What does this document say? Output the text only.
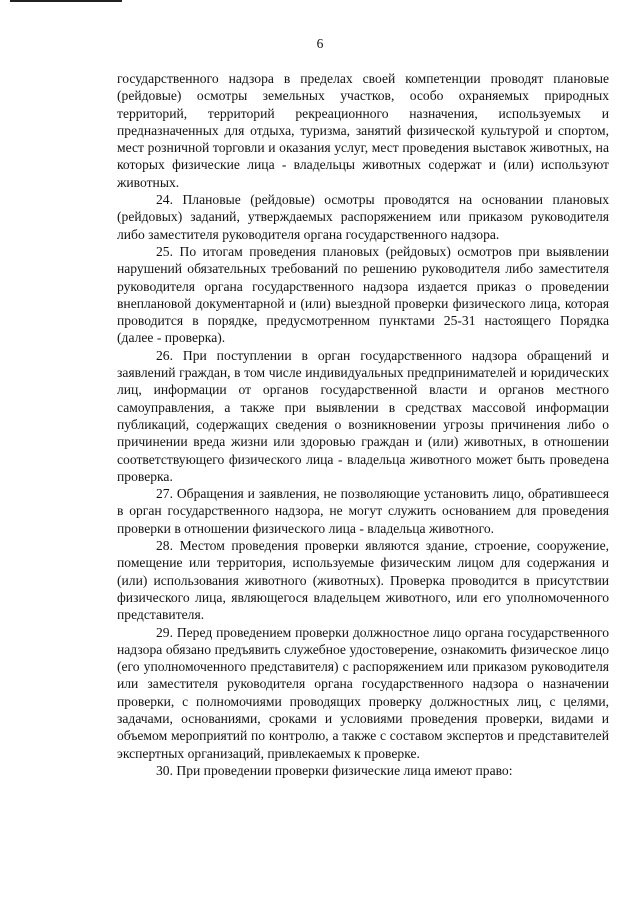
6

государственного надзора в пределах своей компетенции проводят плановые (рейдовые) осмотры земельных участков, особо охраняемых природных территорий, территорий рекреационного назначения, используемых и предназначенных для отдыха, туризма, занятий физической культурой и спортом, мест розничной торговли и оказания услуг, мест проведения выставок животных, на которых физические лица - владельцы животных содержат и (или) используют животных.

24. Плановые (рейдовые) осмотры проводятся на основании плановых (рейдовых) заданий, утверждаемых распоряжением или приказом руководителя либо заместителя руководителя органа государственного надзора.

25. По итогам проведения плановых (рейдовых) осмотров при выявлении нарушений обязательных требований по решению руководителя либо заместителя руководителя органа государственного надзора издается приказ о проведении внеплановой документарной и (или) выездной проверки физического лица, которая проводится в порядке, предусмотренном пунктами 25-31 настоящего Порядка (далее - проверка).

26. При поступлении в орган государственного надзора обращений и заявлений граждан, в том числе индивидуальных предпринимателей и юридических лиц, информации от органов государственной власти и органов местного самоуправления, а также при выявлении в средствах массовой информации публикаций, содержащих сведения о возникновении угрозы причинения либо о причинении вреда жизни или здоровью граждан и (или) животных, в отношении соответствующего физического лица - владельца животного может быть проведена проверка.

27. Обращения и заявления, не позволяющие установить лицо, обратившееся в орган государственного надзора, не могут служить основанием для проведения проверки в отношении физического лица - владельца животного.

28. Местом проведения проверки являются здание, строение, сооружение, помещение или территория, используемые физическим лицом для содержания и (или) использования животного (животных). Проверка проводится в присутствии физического лица, являющегося владельцем животного, или его уполномоченного представителя.

29. Перед проведением проверки должностное лицо органа государственного надзора обязано предъявить служебное удостоверение, ознакомить физическое лицо (его уполномоченного представителя) с распоряжением или приказом руководителя или заместителя руководителя органа государственного надзора о назначении проверки, с полномочиями проводящих проверку должностных лиц, с целями, задачами, основаниями, сроками и условиями проведения проверки, видами и объемом мероприятий по контролю, а также с составом экспертов и представителей экспертных организаций, привлекаемых к проверке.

30. При проведении проверки физические лица имеют право:
